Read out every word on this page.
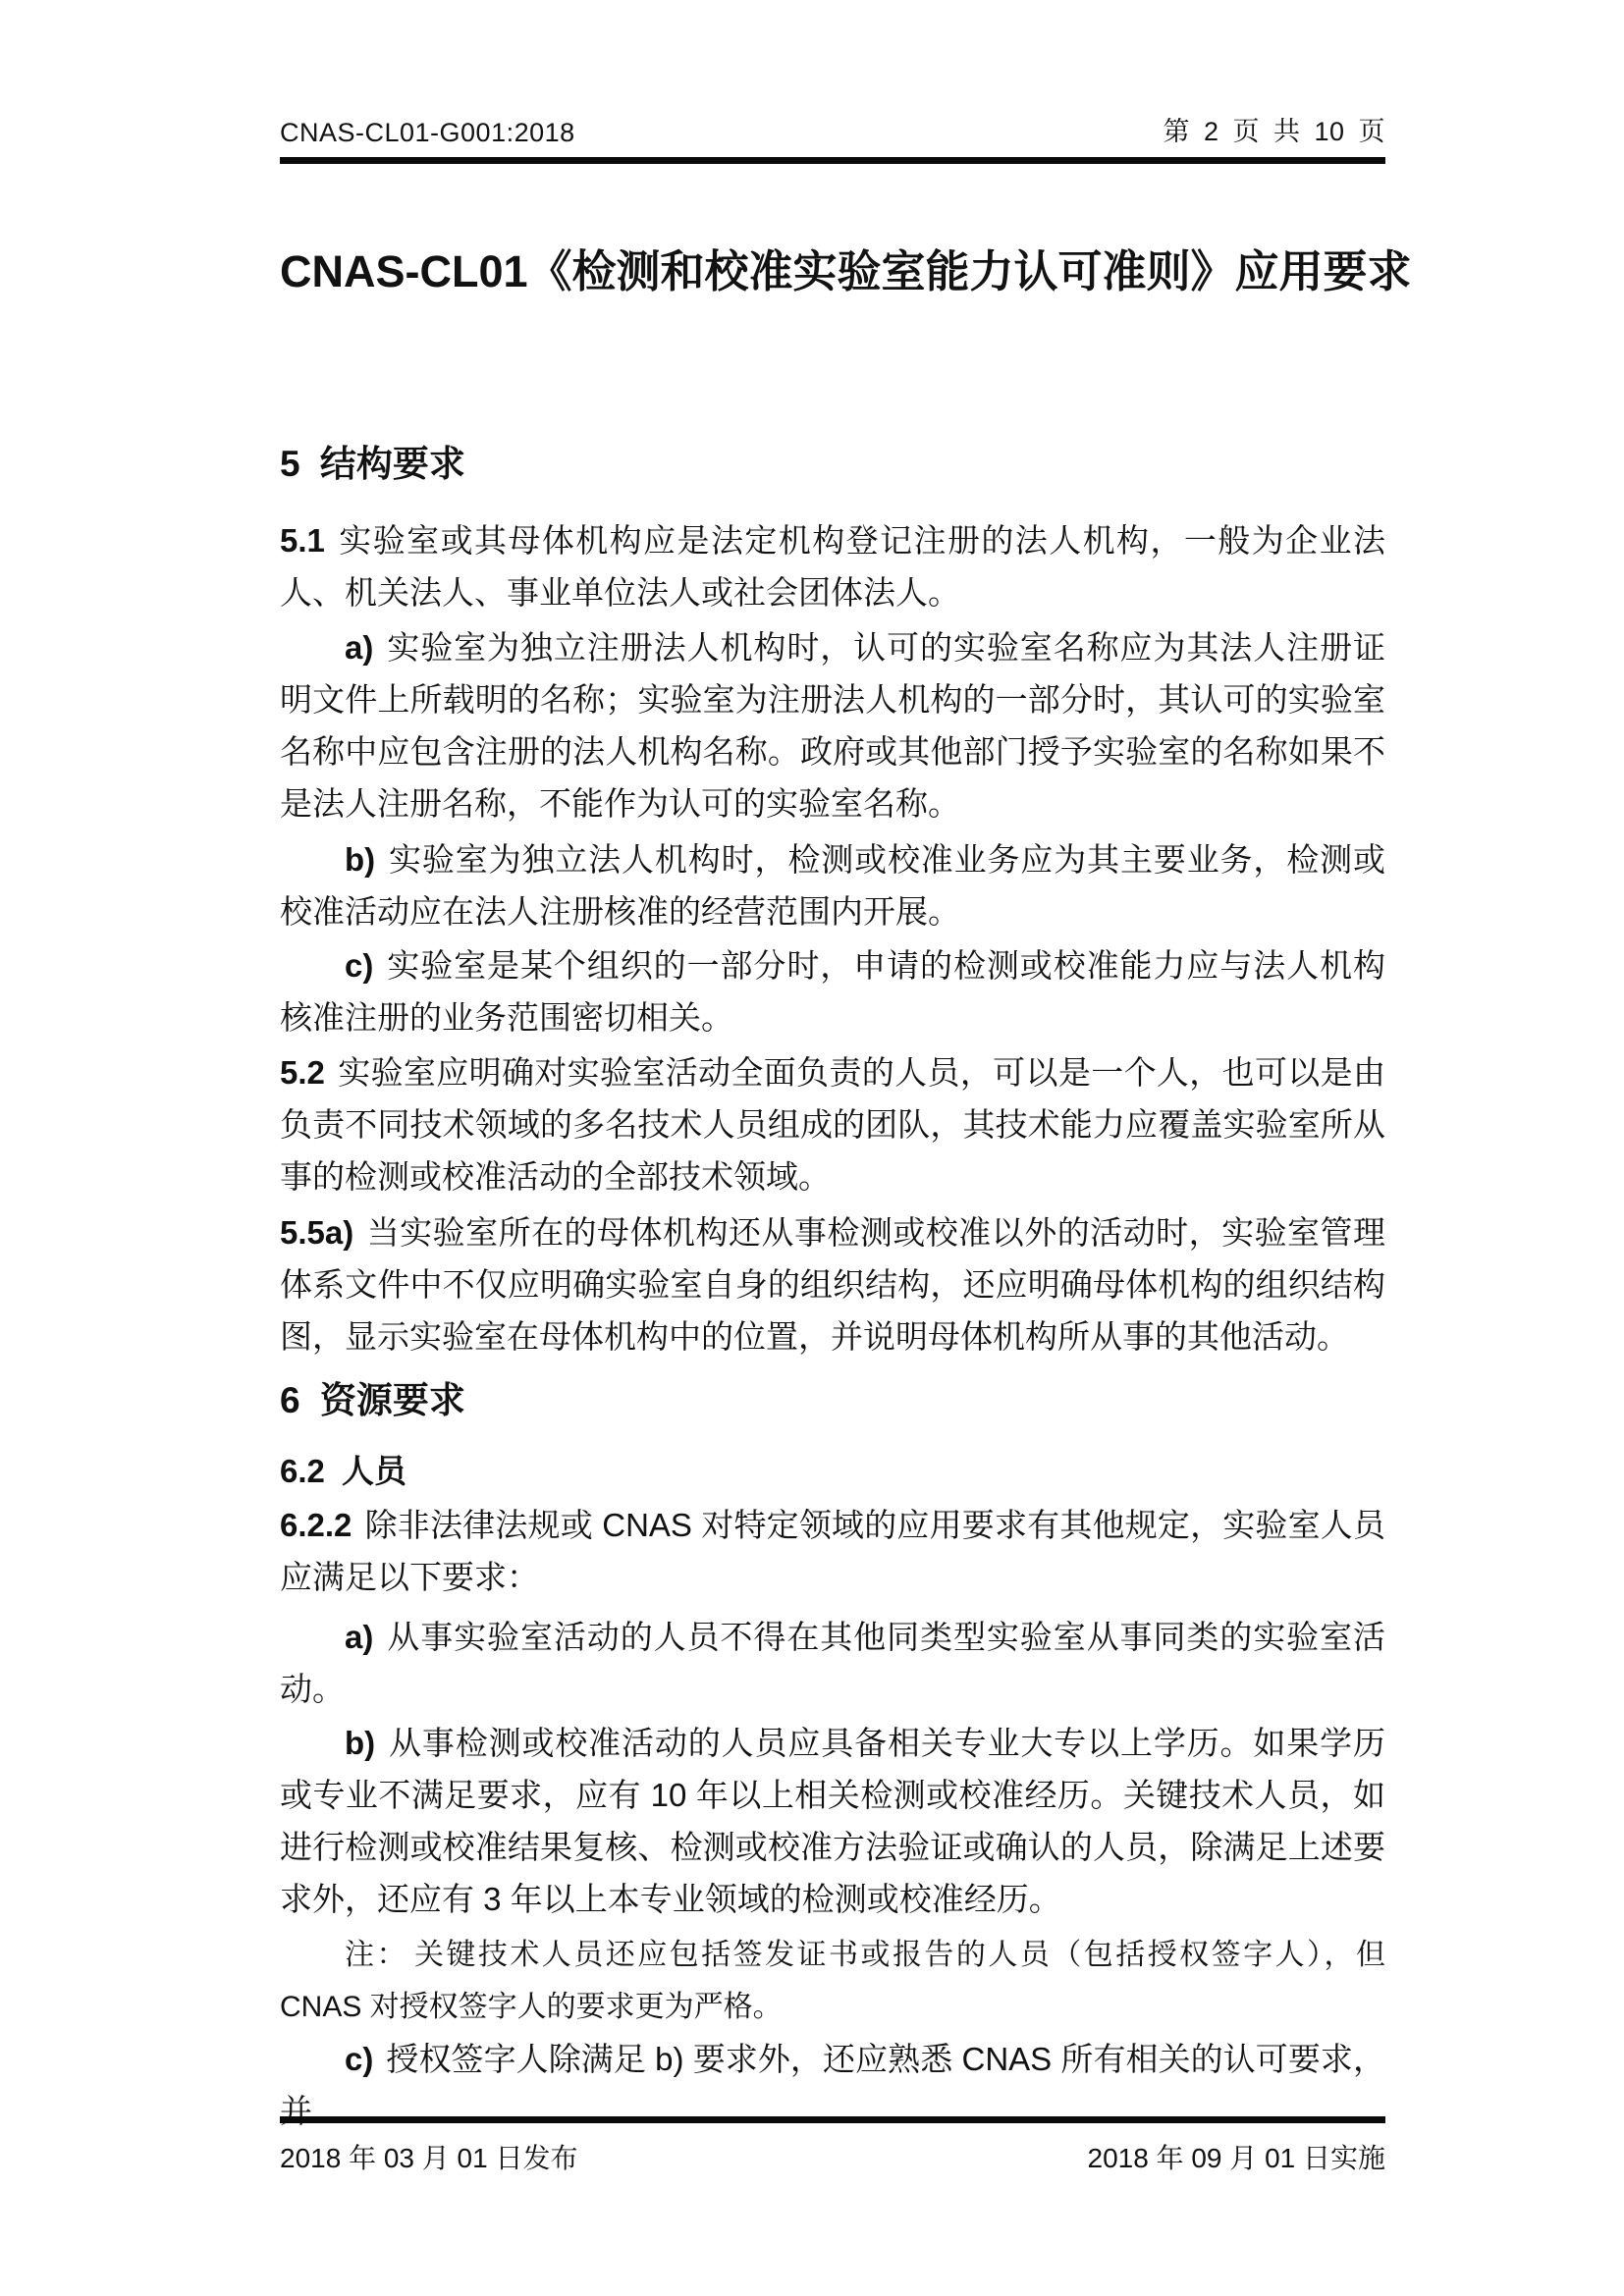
CNAS-CL01-G001:2018	第 2 页 共 10 页
CNAS-CL01《检测和校准实验室能力认可准则》应用要求
5 结构要求

5.1 实验室或其母体机构应是法定机构登记注册的法人机构，一般为企业法人、机关法人、事业单位法人或社会团体法人。

a) 实验室为独立注册法人机构时，认可的实验室名称应为其法人注册证明文件上所载明的名称；实验室为注册法人机构的一部分时，其认可的实验室名称中应包含注册的法人机构名称。政府或其他部门授予实验室的名称如果不是法人注册名称，不能作为认可的实验室名称。

b) 实验室为独立法人机构时，检测或校准业务应为其主要业务，检测或校准活动应在法人注册核准的经营范围内开展。

c) 实验室是某个组织的一部分时，申请的检测或校准能力应与法人机构核准注册的业务范围密切相关。

5.2 实验室应明确对实验室活动全面负责的人员，可以是一个人，也可以是由负责不同技术领域的多名技术人员组成的团队，其技术能力应覆盖实验室所从事的检测或校准活动的全部技术领域。

5.5a) 当实验室所在的母体机构还从事检测或校准以外的活动时，实验室管理体系文件中不仅应明确实验室自身的组织结构，还应明确母体机构的组织结构图，显示实验室在母体机构中的位置，并说明母体机构所从事的其他活动。

6 资源要求
6.2 人员

6.2.2 除非法律法规或 CNAS 对特定领域的应用要求有其他规定，实验室人员应满足以下要求：

a) 从事实验室活动的人员不得在其他同类型实验室从事同类的实验室活动。

b) 从事检测或校准活动的人员应具备相关专业大专以上学历。如果学历或专业不满足要求，应有 10 年以上相关检测或校准经历。关键技术人员，如进行检测或校准结果复核、检测或校准方法验证或确认的人员，除满足上述要求外，还应有 3 年以上本专业领域的检测或校准经历。

注： 关键技术人员还应包括签发证书或报告的人员（包括授权签字人），但 CNAS 对授权签字人的要求更为严格。

c) 授权签字人除满足 b) 要求外，还应熟悉 CNAS 所有相关的认可要求，并

2018 年 03 月 01 日发布	2018 年 09 月 01 日实施
